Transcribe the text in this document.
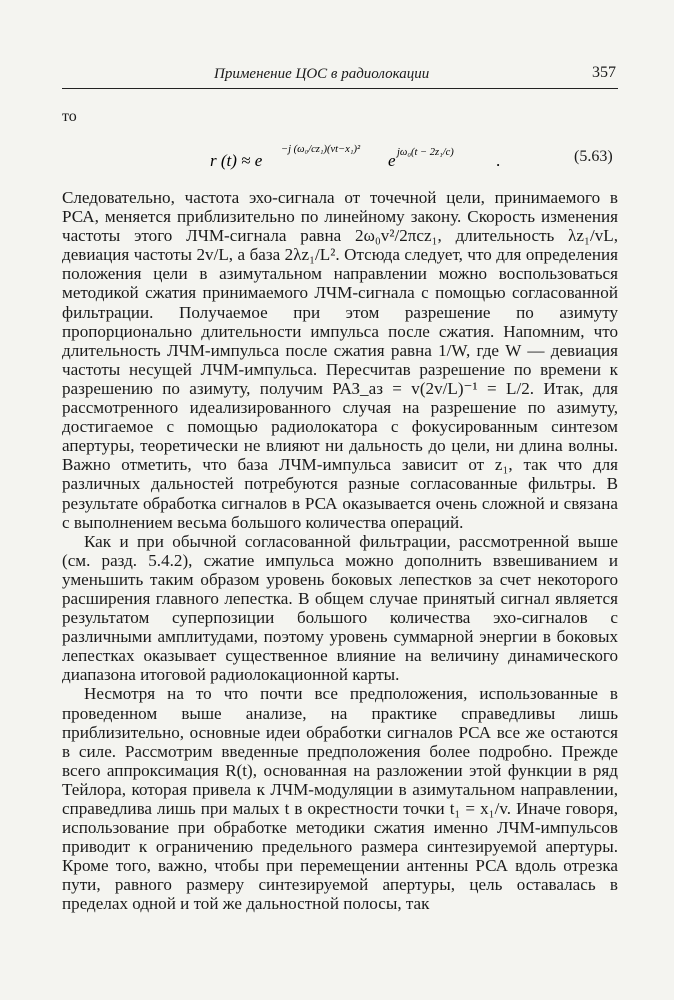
Применение ЦОС в радиолокации	357
то
r (t) ≈ e
−j (ω₀/cz₁)(vt−x₁)²
e jω₀(t − 2z₁/c) .	(5.63)

Следовательно, частота эхо-сигнала от точечной цели, принимаемого в РСА, меняется приблизительно по линейному закону. Скорость изменения частоты этого ЛЧМ-сигнала равна 2ω₀v²/2πcz₁, длительность λz₁/vL, девиация частоты 2v/L, а база 2λz₁/L². Отсюда следует, что для определения положения цели в азимутальном направлении можно воспользоваться методикой сжатия принимаемого ЛЧМ-сигнала с помощью согласованной фильтрации. Получаемое при этом разрешение по азимуту пропорционально длительности импульса после сжатия. Напомним, что длительность ЛЧМ-импульса после сжатия равна 1/W, где W — девиация частоты несущей ЛЧМ-импульса. Пересчитав разрешение по времени к разрешению по азимуту, получим РАЗ_аз = v(2v/L)⁻¹ = L/2. Итак, для рассмотренного идеализированного случая на разрешение по азимуту, достигаемое с помощью радиолокатора с фокусированным синтезом апертуры, теоретически не влияют ни дальность до цели, ни длина волны. Важно отметить, что база ЛЧМ-импульса зависит от z₁, так что для различных дальностей потребуются разные согласованные фильтры. В результате обработка сигналов в РСА оказывается очень сложной и связана с выполнением весьма большого количества операций.

Как и при обычной согласованной фильтрации, рассмотренной выше (см. разд. 5.4.2), сжатие импульса можно дополнить взвешиванием и уменьшить таким образом уровень боковых лепестков за счет некоторого расширения главного лепестка. В общем случае принятый сигнал является результатом суперпозиции большого количества эхо-сигналов с различными амплитудами, поэтому уровень суммарной энергии в боковых лепестках оказывает существенное влияние на величину динамического диапазона итоговой радиолокационной карты.

Несмотря на то что почти все предположения, использованные в проведенном выше анализе, на практике справедливы лишь приблизительно, основные идеи обработки сигналов РСА все же остаются в силе. Рассмотрим введенные предположения более подробно. Прежде всего аппроксимация R(t), основанная на разложении этой функции в ряд Тейлора, которая привела к ЛЧМ-модуляции в азимутальном направлении, справедлива лишь при малых t в окрестности точки t₁ = x₁/v. Иначе говоря, использование при обработке методики сжатия именно ЛЧМ-импульсов приводит к ограничению предельного размера синтезируемой апертуры. Кроме того, важно, чтобы при перемещении антенны РСА вдоль отрезка пути, равного размеру синтезируемой апертуры, цель оставалась в пределах одной и той же дальностной полосы, так
